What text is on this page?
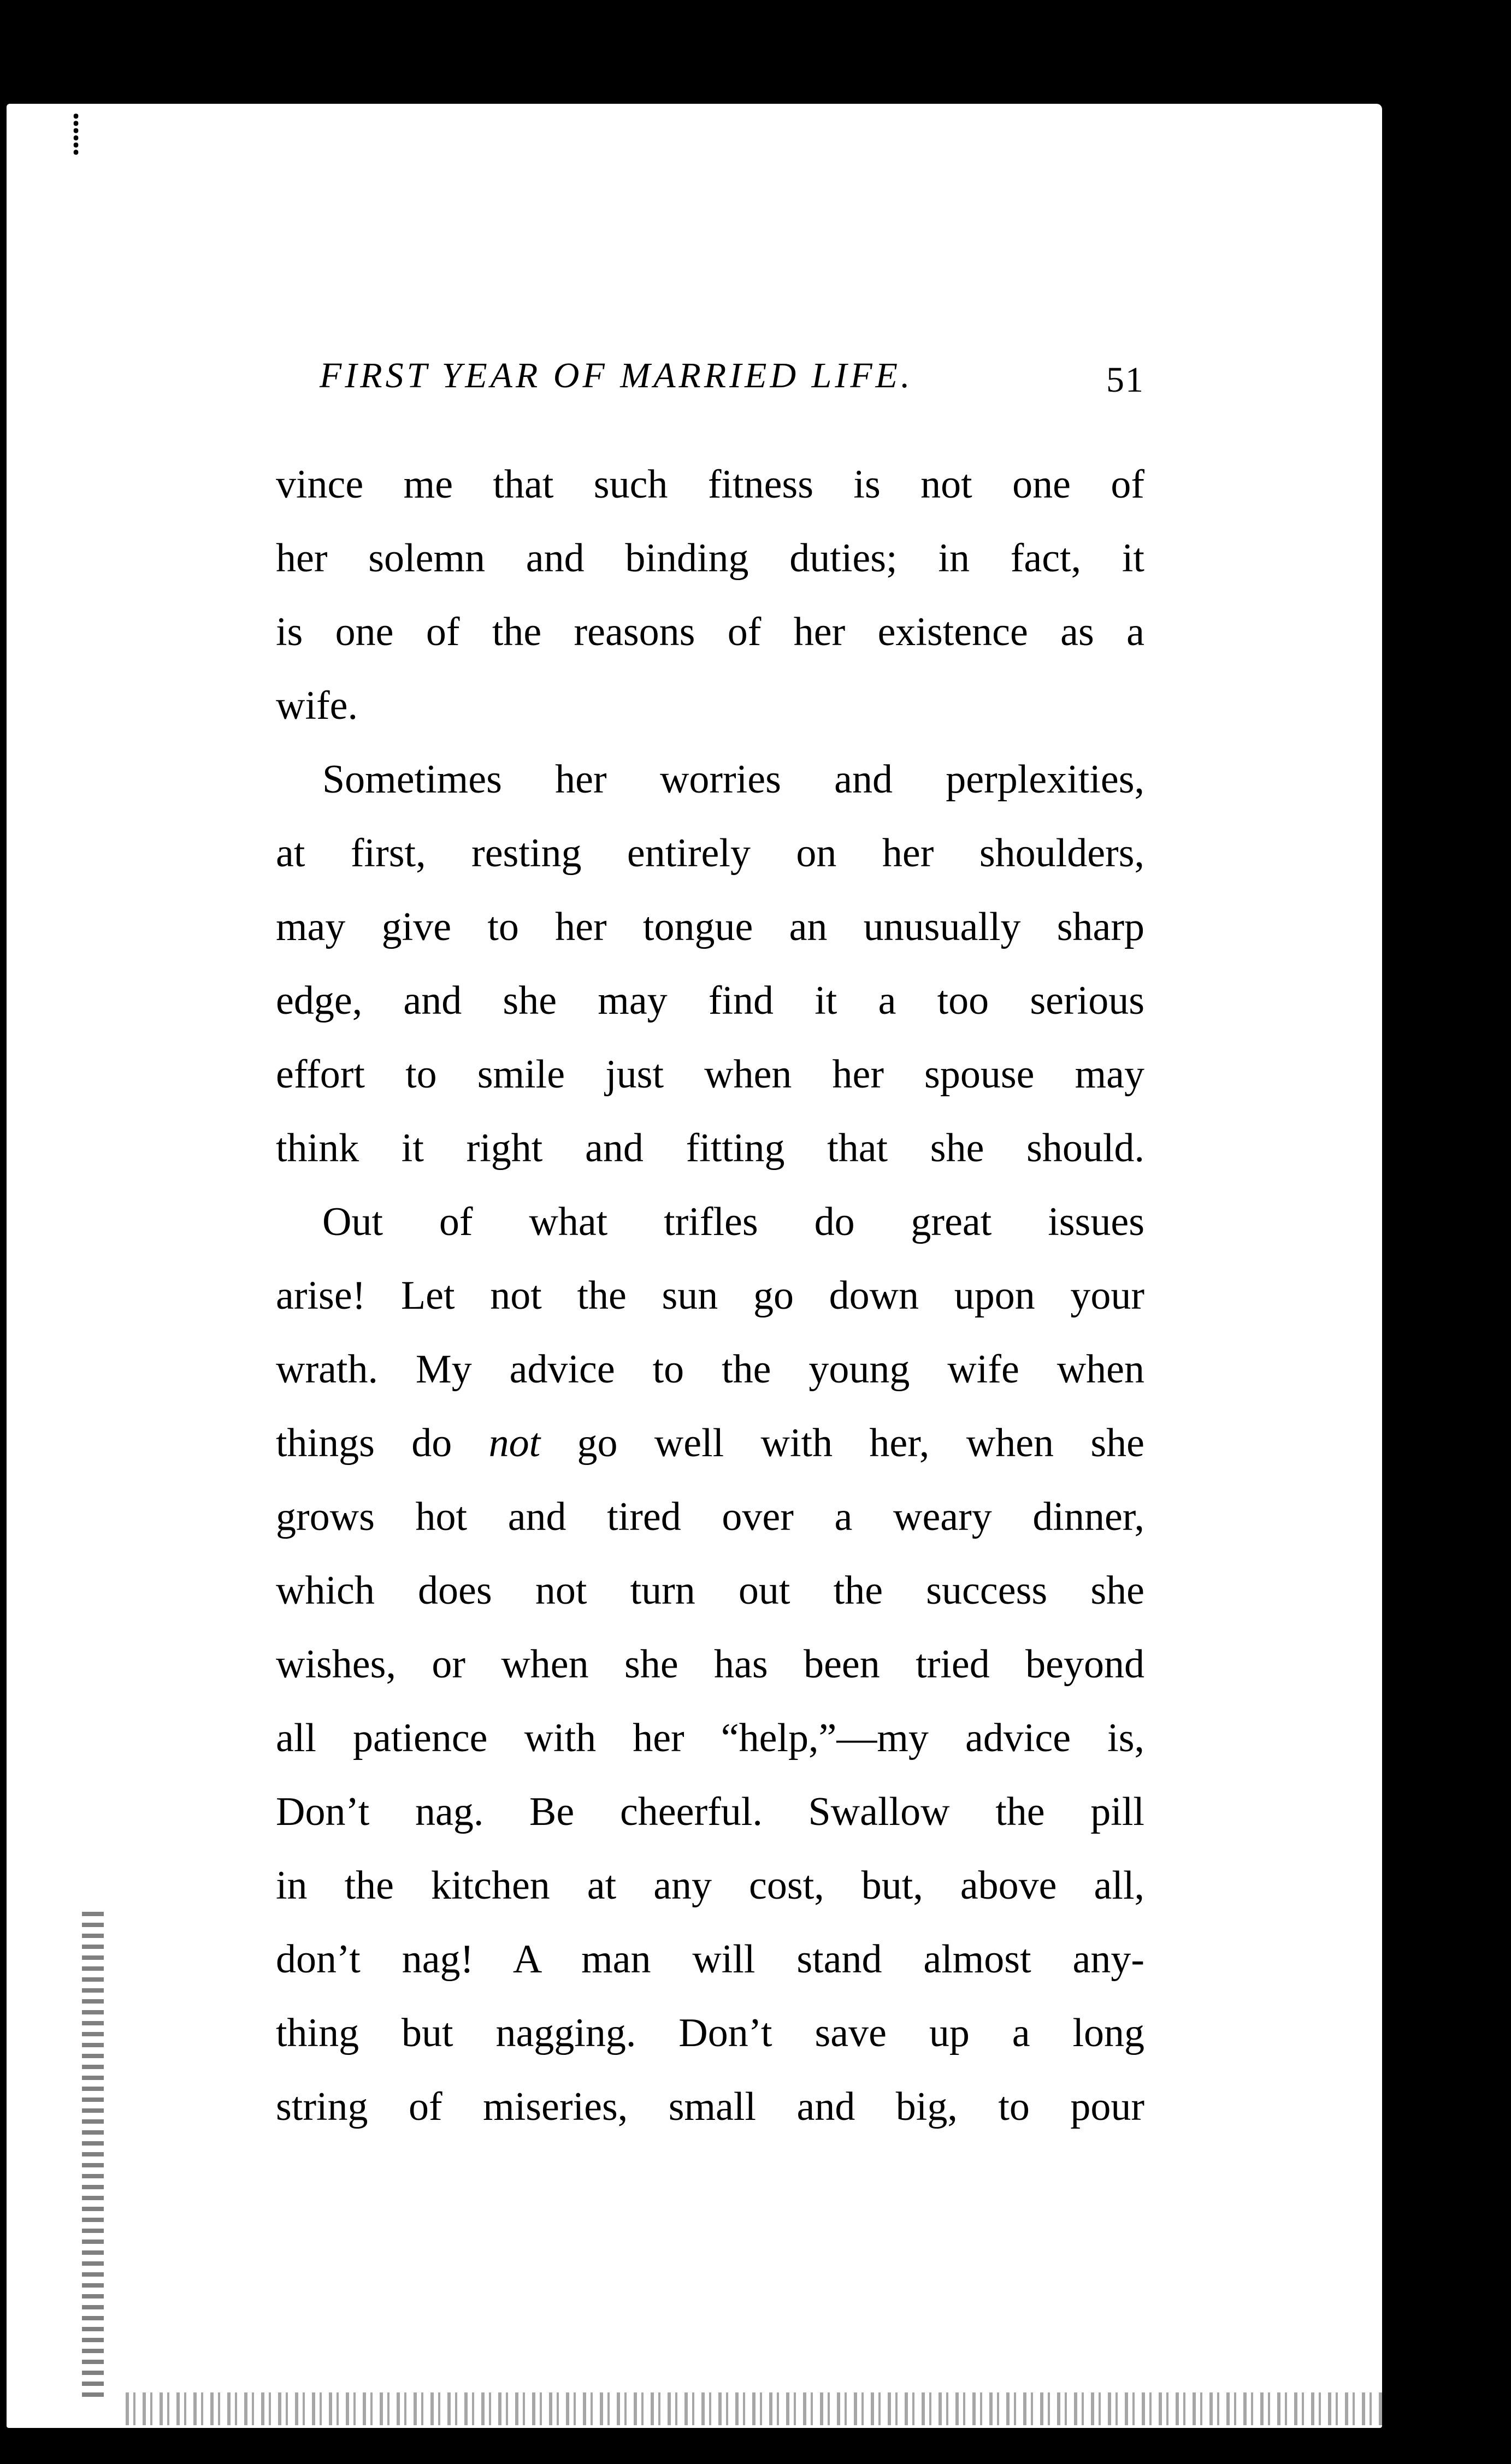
⸽
FIRST YEAR OF MARRIED LIFE.	51
vince me that such fitness is not one of
her solemn and binding duties; in fact, it
is one of the reasons of her existence as a
wife.
Sometimes her worries and perplexities,
at first, resting entirely on her shoulders,
may give to her tongue an unusually sharp
edge, and she may find it a too serious
effort to smile just when her spouse may
think it right and fitting that she should.
Out of what trifles do great issues
arise! Let not the sun go down upon your
wrath. My advice to the young wife when
things do not go well with her, when she
grows hot and tired over a weary dinner,
which does not turn out the success she
wishes, or when she has been tried beyond
all patience with her “help,”—my advice is,
Don’t nag. Be cheerful. Swallow the pill
in the kitchen at any cost, but, above all,
don’t nag! A man will stand almost any-
thing but nagging. Don’t save up a long
string of miseries, small and big, to pour
